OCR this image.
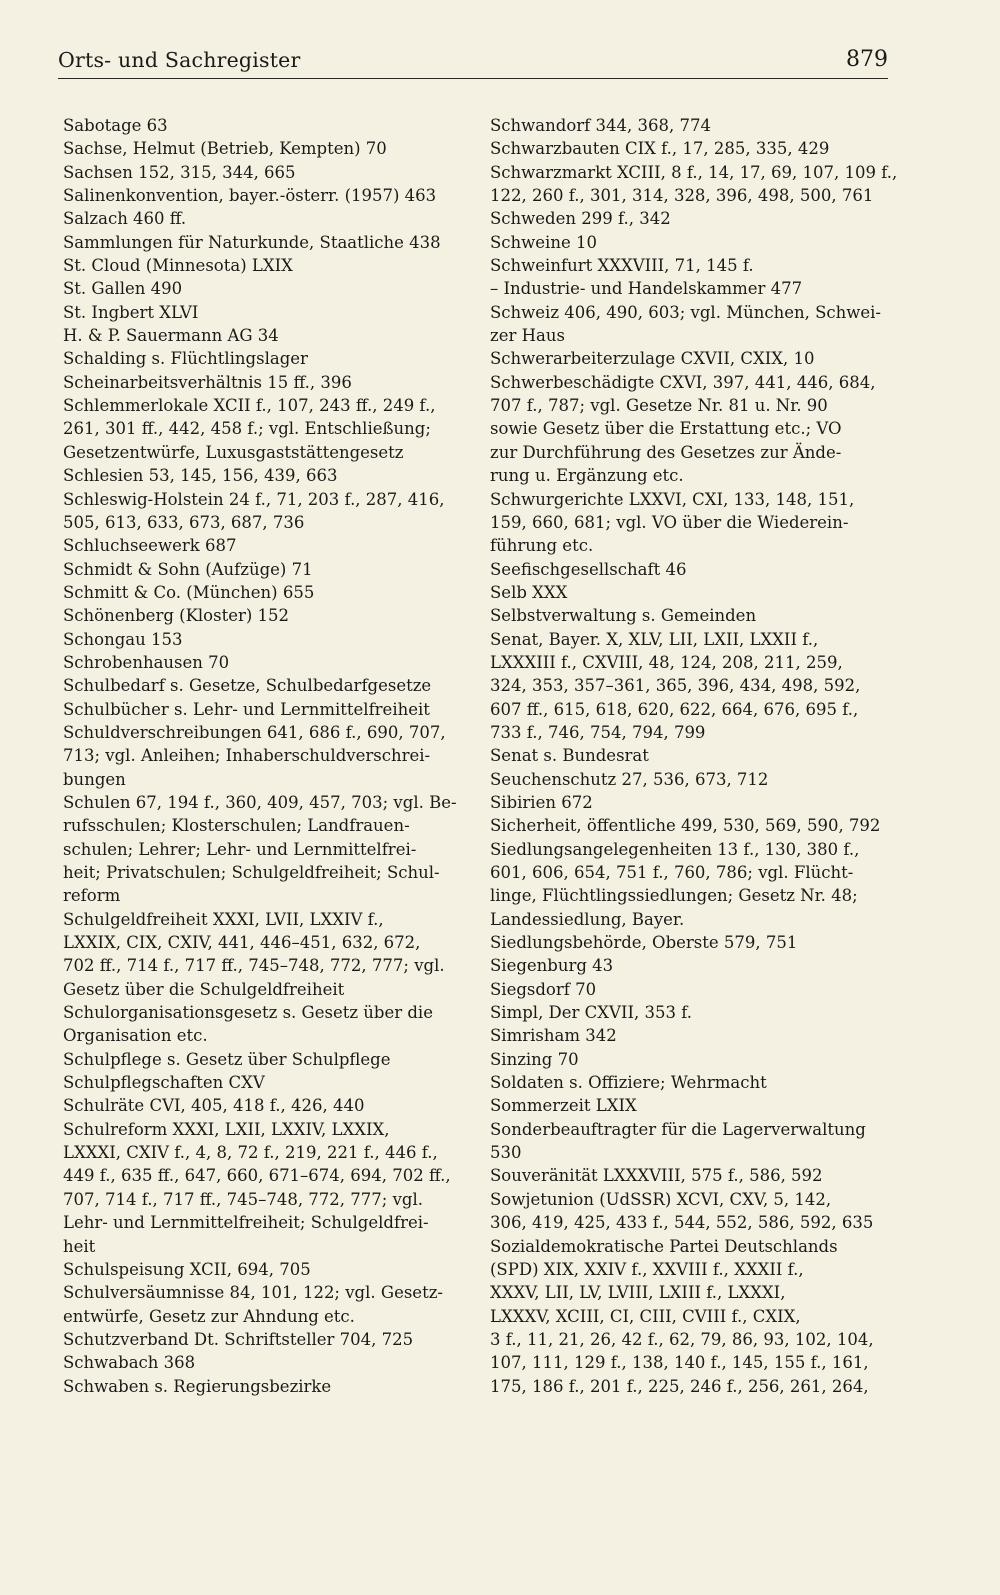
Orts- und Sachregister	879
Sabotage 63
Sachse, Helmut (Betrieb, Kempten) 70
Sachsen 152, 315, 344, 665
Salinenkonvention, bayer.-österr. (1957) 463
Salzach 460 ff.
Sammlungen für Naturkunde, Staatliche 438
St. Cloud (Minnesota) LXIX
St. Gallen 490
St. Ingbert XLVI
H. & P. Sauermann AG 34
Schalding s. Flüchtlingslager
Scheinarbeitsverhältnis 15 ff., 396
Schlemmerlokale XCII f., 107, 243 ff., 249 f.,
261, 301 ff., 442, 458 f.; vgl. Entschließung;
Gesetzentwürfe, Luxusgaststättengesetz
Schlesien 53, 145, 156, 439, 663
Schleswig-Holstein 24 f., 71, 203 f., 287, 416,
505, 613, 633, 673, 687, 736
Schluchseewerk 687
Schmidt & Sohn (Aufzüge) 71
Schmitt & Co. (München) 655
Schönenberg (Kloster) 152
Schongau 153
Schrobenhausen 70
Schulbedarf s. Gesetze, Schulbedarfgesetze
Schulbücher s. Lehr- und Lernmittelfreiheit
Schuldverschreibungen 641, 686 f., 690, 707,
713; vgl. Anleihen; Inhaberschuldverschrei-
bungen
Schulen 67, 194 f., 360, 409, 457, 703; vgl. Be-
rufsschulen; Klosterschulen; Landfrauen-
schulen; Lehrer; Lehr- und Lernmittelfrei-
heit; Privatschulen; Schulgeldfreiheit; Schul-
reform
Schulgeldfreiheit XXXI, LVII, LXXIV f.,
LXXIX, CIX, CXIV, 441, 446–451, 632, 672,
702 ff., 714 f., 717 ff., 745–748, 772, 777; vgl.
Gesetz über die Schulgeldfreiheit
Schulorganisationsgesetz s. Gesetz über die
Organisation etc.
Schulpflege s. Gesetz über Schulpflege
Schulpflegschaften CXV
Schulräte CVI, 405, 418 f., 426, 440
Schulreform XXXI, LXII, LXXIV, LXXIX,
LXXXI, CXIV f., 4, 8, 72 f., 219, 221 f., 446 f.,
449 f., 635 ff., 647, 660, 671–674, 694, 702 ff.,
707, 714 f., 717 ff., 745–748, 772, 777; vgl.
Lehr- und Lernmittelfreiheit; Schulgeldfrei-
heit
Schulspeisung XCII, 694, 705
Schulversäumnisse 84, 101, 122; vgl. Gesetz-
entwürfe, Gesetz zur Ahndung etc.
Schutzverband Dt. Schriftsteller 704, 725
Schwabach 368
Schwaben s. Regierungsbezirke
Schwandorf 344, 368, 774
Schwarzbauten CIX f., 17, 285, 335, 429
Schwarzmarkt XCIII, 8 f., 14, 17, 69, 107, 109 f.,
122, 260 f., 301, 314, 328, 396, 498, 500, 761
Schweden 299 f., 342
Schweine 10
Schweinfurt XXXVIII, 71, 145 f.
– Industrie- und Handelskammer 477
Schweiz 406, 490, 603; vgl. München, Schwei-
zer Haus
Schwerarbeiterzulage CXVII, CXIX, 10
Schwerbeschädigte CXVI, 397, 441, 446, 684,
707 f., 787; vgl. Gesetze Nr. 81 u. Nr. 90
sowie Gesetz über die Erstattung etc.; VO
zur Durchführung des Gesetzes zur Ände-
rung u. Ergänzung etc.
Schwurgerichte LXXVI, CXI, 133, 148, 151,
159, 660, 681; vgl. VO über die Wiederein-
führung etc.
Seefischgesellschaft 46
Selb XXX
Selbstverwaltung s. Gemeinden
Senat, Bayer. X, XLV, LII, LXII, LXXII f.,
LXXXIII f., CXVIII, 48, 124, 208, 211, 259,
324, 353, 357–361, 365, 396, 434, 498, 592,
607 ff., 615, 618, 620, 622, 664, 676, 695 f.,
733 f., 746, 754, 794, 799
Senat s. Bundesrat
Seuchenschutz 27, 536, 673, 712
Sibirien 672
Sicherheit, öffentliche 499, 530, 569, 590, 792
Siedlungsangelegenheiten 13 f., 130, 380 f.,
601, 606, 654, 751 f., 760, 786; vgl. Flücht-
linge, Flüchtlingssiedlungen; Gesetz Nr. 48;
Landessiedlung, Bayer.
Siedlungsbehörde, Oberste 579, 751
Siegenburg 43
Siegsdorf 70
Simpl, Der CXVII, 353 f.
Simrisham 342
Sinzing 70
Soldaten s. Offiziere; Wehrmacht
Sommerzeit LXIX
Sonderbeauftragter für die Lagerverwaltung
530
Souveränität LXXXVIII, 575 f., 586, 592
Sowjetunion (UdSSR) XCVI, CXV, 5, 142,
306, 419, 425, 433 f., 544, 552, 586, 592, 635
Sozialdemokratische Partei Deutschlands
(SPD) XIX, XXIV f., XXVIII f., XXXII f.,
XXXV, LII, LV, LVIII, LXIII f., LXXXI,
LXXXV, XCIII, CI, CIII, CVIII f., CXIX,
3 f., 11, 21, 26, 42 f., 62, 79, 86, 93, 102, 104,
107, 111, 129 f., 138, 140 f., 145, 155 f., 161,
175, 186 f., 201 f., 225, 246 f., 256, 261, 264,
